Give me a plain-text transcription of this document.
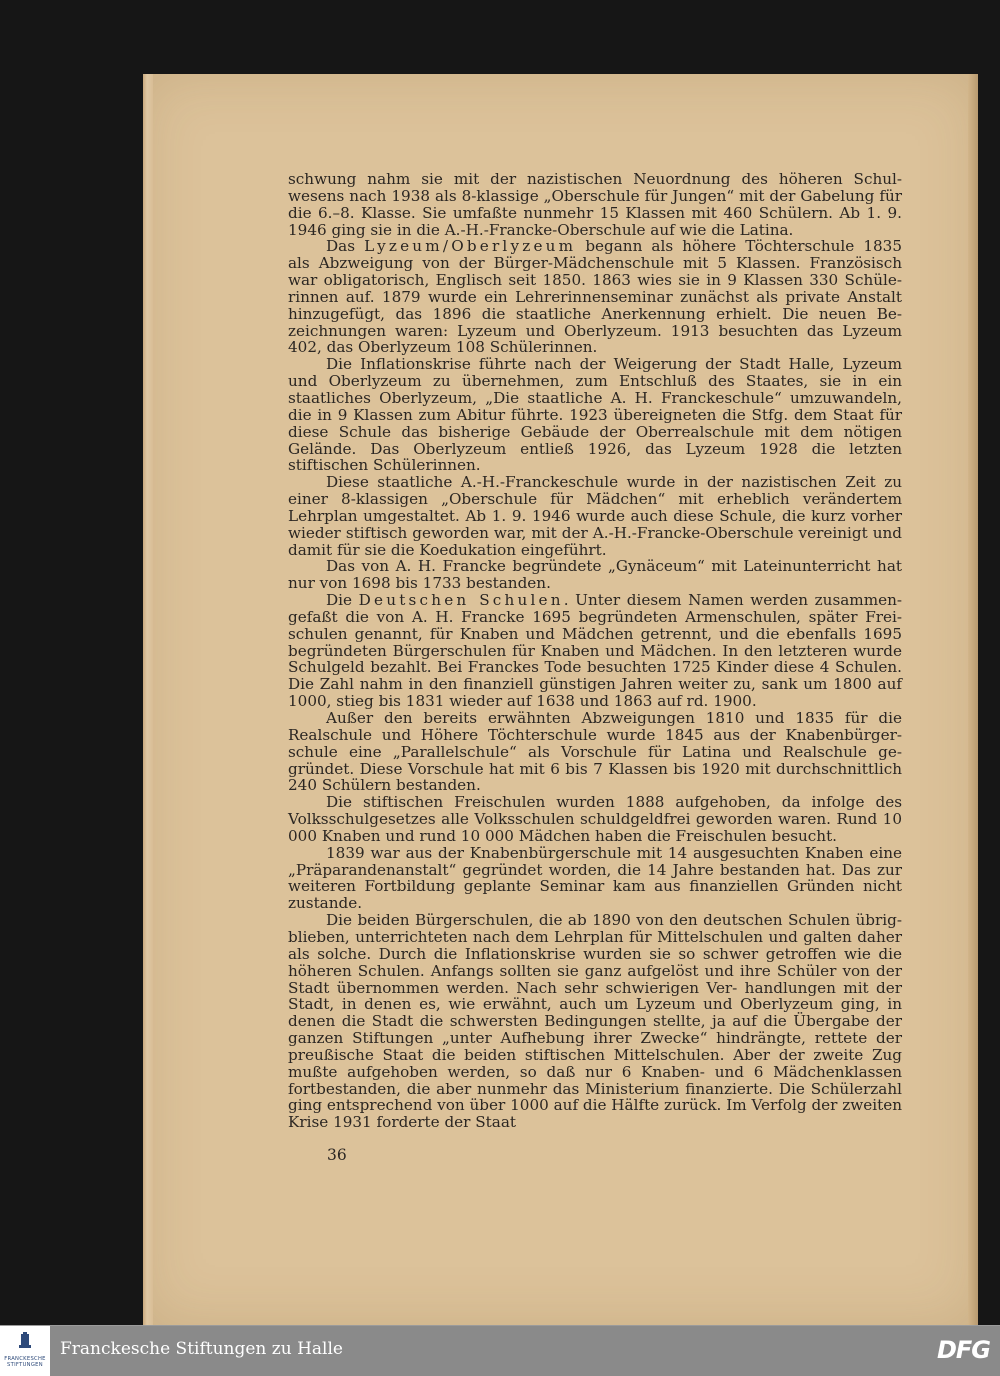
schwung nahm sie mit der nazistischen Neuordnung des höheren Schul- wesens nach 1938 als 8-klassige „Oberschule für Jungen“ mit der Gabelung für die 6.–8. Klasse. Sie umfaßte nunmehr 15 Klassen mit 460 Schülern. Ab 1. 9. 1946 ging sie in die A.-H.-Francke-Oberschule auf wie die Latina.

Das Lyzeum/Oberlyzeum begann als höhere Töchterschule 1835 als Abzweigung von der Bürger-Mädchenschule mit 5 Klassen. Französisch war obligatorisch, Englisch seit 1850. 1863 wies sie in 9 Klassen 330 Schüle- rinnen auf. 1879 wurde ein Lehrerinnenseminar zunächst als private Anstalt hinzugefügt, das 1896 die staatliche Anerkennung erhielt. Die neuen Be- zeichnungen waren: Lyzeum und Oberlyzeum. 1913 besuchten das Lyzeum 402, das Oberlyzeum 108 Schülerinnen.

Die Inflationskrise führte nach der Weigerung der Stadt Halle, Lyzeum und Oberlyzeum zu übernehmen, zum Entschluß des Staates, sie in ein staatliches Oberlyzeum, „Die staatliche A. H. Franckeschule“ umzuwandeln, die in 9 Klassen zum Abitur führte. 1923 übereigneten die Stfg. dem Staat für diese Schule das bisherige Gebäude der Oberrealschule mit dem nötigen Gelände. Das Oberlyzeum entließ 1926, das Lyzeum 1928 die letzten stiftischen Schülerinnen.

Diese staatliche A.-H.-Franckeschule wurde in der nazistischen Zeit zu einer 8-klassigen „Oberschule für Mädchen“ mit erheblich verändertem Lehrplan umgestaltet. Ab 1. 9. 1946 wurde auch diese Schule, die kurz vorher wieder stiftisch geworden war, mit der A.-H.-Francke-Oberschule vereinigt und damit für sie die Koedukation eingeführt.

Das von A. H. Francke begründete „Gynäceum“ mit Lateinunterricht hat nur von 1698 bis 1733 bestanden.

Die Deutschen Schulen. Unter diesem Namen werden zusammen- gefaßt die von A. H. Francke 1695 begründeten Armenschulen, später Frei- schulen genannt, für Knaben und Mädchen getrennt, und die ebenfalls 1695 begründeten Bürgerschulen für Knaben und Mädchen. In den letzteren wurde Schulgeld bezahlt. Bei Franckes Tode besuchten 1725 Kinder diese 4 Schulen. Die Zahl nahm in den finanziell günstigen Jahren weiter zu, sank um 1800 auf 1000, stieg bis 1831 wieder auf 1638 und 1863 auf rd. 1900.

Außer den bereits erwähnten Abzweigungen 1810 und 1835 für die Realschule und Höhere Töchterschule wurde 1845 aus der Knabenbürger- schule eine „Parallelschule“ als Vorschule für Latina und Realschule ge- gründet. Diese Vorschule hat mit 6 bis 7 Klassen bis 1920 mit durchschnittlich 240 Schülern bestanden.

Die stiftischen Freischulen wurden 1888 aufgehoben, da infolge des Volksschulgesetzes alle Volksschulen schuldgeldfrei geworden waren. Rund 10 000 Knaben und rund 10 000 Mädchen haben die Freischulen besucht.

1839 war aus der Knabenbürgerschule mit 14 ausgesuchten Knaben eine „Präparandenanstalt“ gegründet worden, die 14 Jahre bestanden hat. Das zur weiteren Fortbildung geplante Seminar kam aus finanziellen Gründen nicht zustande.

Die beiden Bürgerschulen, die ab 1890 von den deutschen Schulen übrig- blieben, unterrichteten nach dem Lehrplan für Mittelschulen und galten daher als solche. Durch die Inflationskrise wurden sie so schwer getroffen wie die höheren Schulen. Anfangs sollten sie ganz aufgelöst und ihre Schüler von der Stadt übernommen werden. Nach sehr schwierigen Ver- handlungen mit der Stadt, in denen es, wie erwähnt, auch um Lyzeum und Oberlyzeum ging, in denen die Stadt die schwersten Bedingungen stellte, ja auf die Übergabe der ganzen Stiftungen „unter Aufhebung ihrer Zwecke“ hindrängte, rettete der preußische Staat die beiden stiftischen Mittelschulen. Aber der zweite Zug mußte aufgehoben werden, so daß nur 6 Knaben- und 6 Mädchenklassen fortbestanden, die aber nunmehr das Ministerium finanzierte. Die Schülerzahl ging entsprechend von über 1000 auf die Hälfte zurück. Im Verfolg der zweiten Krise 1931 forderte der Staat

36
FRANCKESCHE
STIFTUNGEN
Franckesche Stiftungen zu Halle	DFG
